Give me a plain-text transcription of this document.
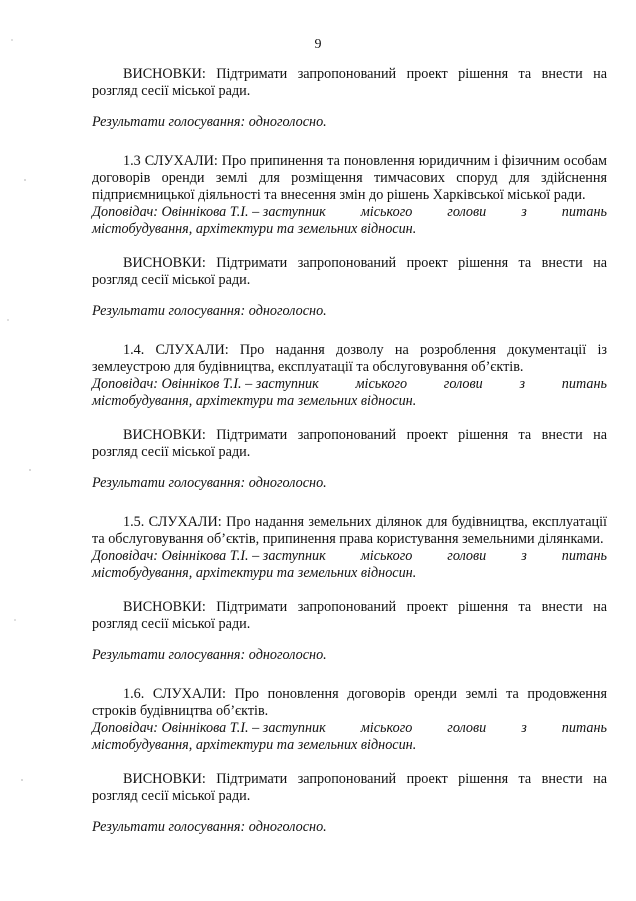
9

ВИСНОВКИ: Підтримати запропонований проект рішення та внести на розгляд сесії міської ради.

Результати голосування: одноголосно.

1.3 СЛУХАЛИ: Про припинення та поновлення юридичним і фізичним особам договорів оренди землі для розміщення тимчасових споруд для здійснення підприємницької діяльності та внесення змін до рішень Харківської міської ради.

Доповідач: Овіннікова Т.І. – заступник міського голови з питань

містобудування, архітектури та земельних відносин.

ВИСНОВКИ: Підтримати запропонований проект рішення та внести на розгляд сесії міської ради.

Результати голосування: одноголосно.

1.4. СЛУХАЛИ: Про надання дозволу на розроблення документації із землеустрою для будівництва, експлуатації та обслуговування об’єктів.

Доповідач: Овінніков Т.І. – заступник	міського	голови	з	питань

містобудування, архітектури та земельних відносин.

ВИСНОВКИ: Підтримати запропонований проект рішення та внести на розгляд сесії міської ради.

Результати голосування: одноголосно.

1.5. СЛУХАЛИ: Про надання земельних ділянок для будівництва, експлуатації та обслуговування об’єктів, припинення права користування земельними ділянками.

Доповідач: Овіннікова Т.І. – заступник міського голови з питань

містобудування, архітектури та земельних відносин.

ВИСНОВКИ: Підтримати запропонований проект рішення та внести на розгляд сесії міської ради.

Результати голосування: одноголосно.

1.6. СЛУХАЛИ: Про поновлення договорів оренди землі та продовження строків будівництва об’єктів.

Доповідач: Овіннікова Т.І. – заступник міського голови з питань

містобудування, архітектури та земельних відносин.

ВИСНОВКИ: Підтримати запропонований проект рішення та внести на розгляд сесії міської ради.

Результати голосування: одноголосно.
